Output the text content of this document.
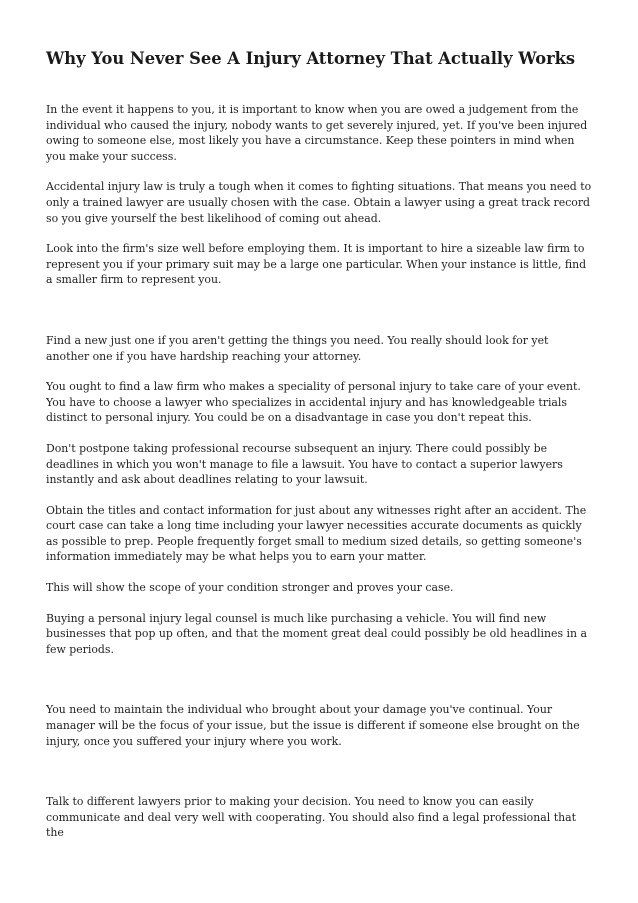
Why You Never See A Injury Attorney That Actually Works

In the event it happens to you, it is important to know when you are owed a judgement from the individual who caused the injury, nobody wants to get severely injured, yet. If you've been injured owing to someone else, most likely you have a circumstance. Keep these pointers in mind when you make your success.

Accidental injury law is truly a tough when it comes to fighting situations. That means you need to only a trained lawyer are usually chosen with the case. Obtain a lawyer using a great track record so you give yourself the best likelihood of coming out ahead.

Look into the firm's size well before employing them. It is important to hire a sizeable law firm to represent you if your primary suit may be a large one particular. When your instance is little, find a smaller firm to represent you.

Find a new just one if you aren't getting the things you need. You really should look for yet another one if you have hardship reaching your attorney.

You ought to find a law firm who makes a speciality of personal injury to take care of your event. You have to choose a lawyer who specializes in accidental injury and has knowledgeable trials distinct to personal injury. You could be on a disadvantage in case you don't repeat this.

Don't postpone taking professional recourse subsequent an injury. There could possibly be deadlines in which you won't manage to file a lawsuit. You have to contact a superior lawyers instantly and ask about deadlines relating to your lawsuit.

Obtain the titles and contact information for just about any witnesses right after an accident. The court case can take a long time including your lawyer necessities accurate documents as quickly as possible to prep. People frequently forget small to medium sized details, so getting someone's information immediately may be what helps you to earn your matter.

This will show the scope of your condition stronger and proves your case.

Buying a personal injury legal counsel is much like purchasing a vehicle. You will find new businesses that pop up often, and that the moment great deal could possibly be old headlines in a few periods.

You need to maintain the individual who brought about your damage you've continual. Your manager will be the focus of your issue, but the issue is different if someone else brought on the injury, once you suffered your injury where you work.

Talk to different lawyers prior to making your decision. You need to know you can easily communicate and deal very well with cooperating. You should also find a legal professional that the
